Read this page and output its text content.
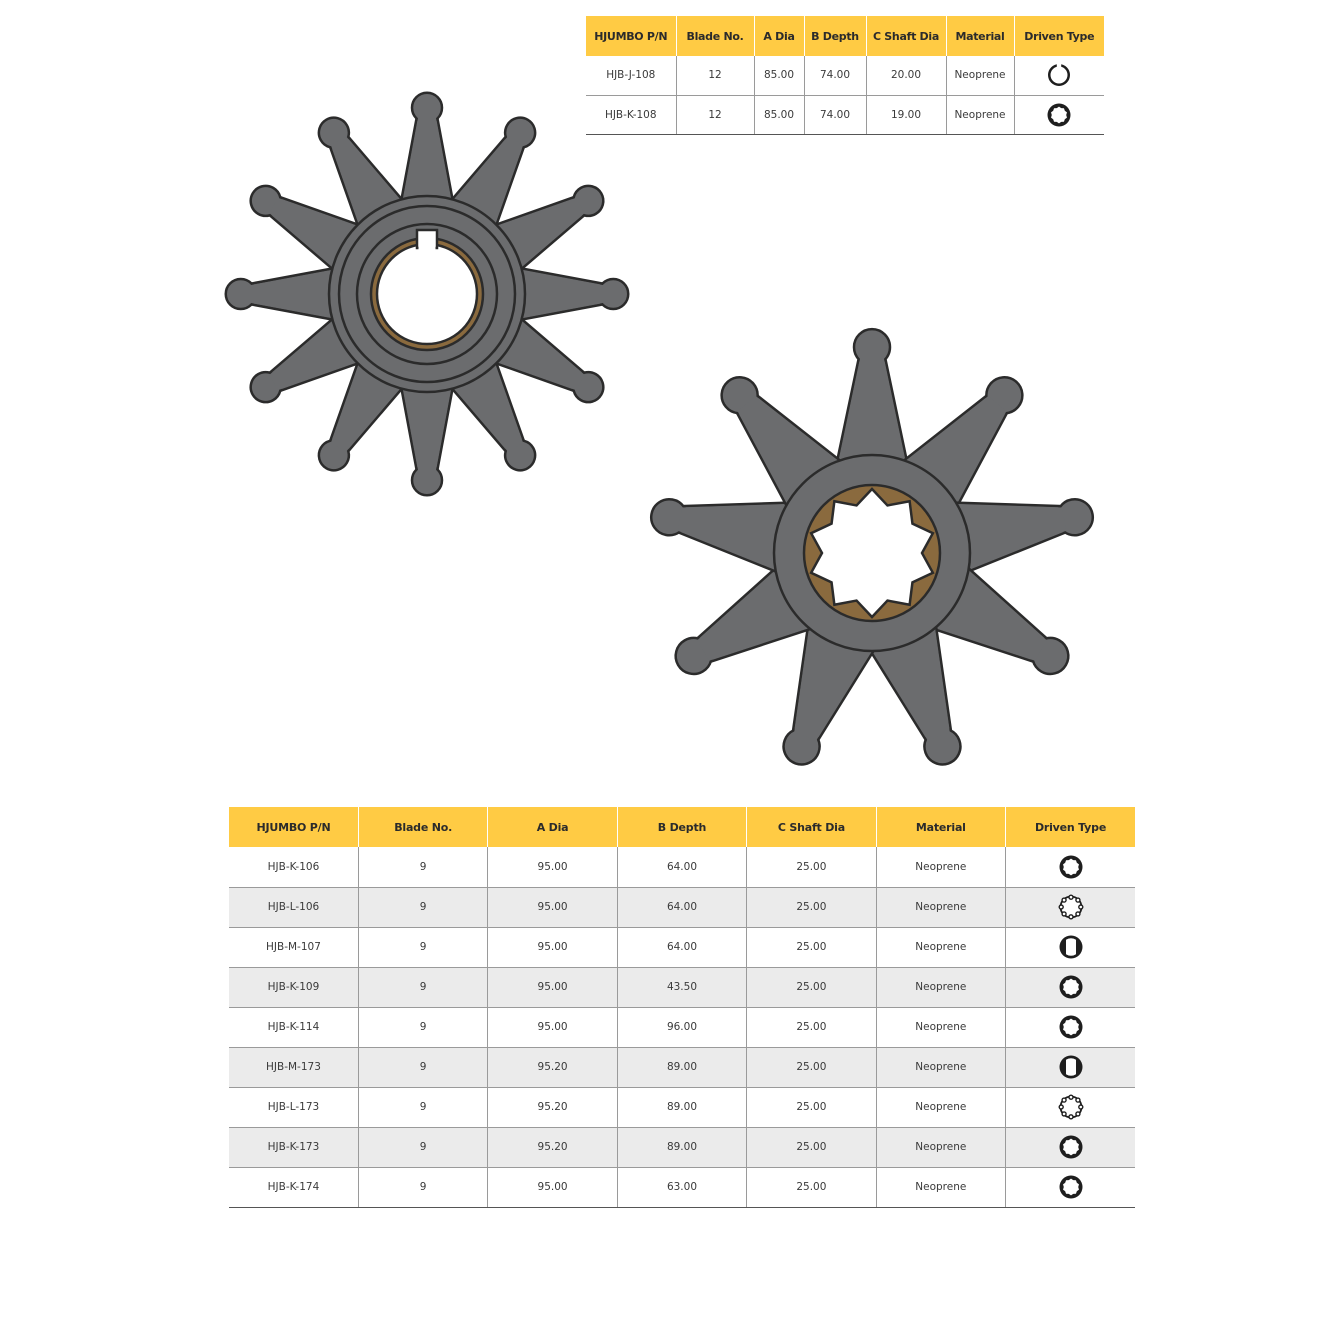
HJUMBO P/N	Blade No.	A Dia	B Depth	C Shaft Dia	Material	Driven Type
HJB-J-108	12	85.00	74.00	20.00	Neoprene	

HJB-K-108	12	85.00	74.00	19.00	Neoprene	
HJUMBO P/N	Blade No.	A Dia	B Depth	C Shaft Dia	Material	Driven Type
HJB-K-106	9	95.00	64.00	25.00	Neoprene	

HJB-L-106	9	95.00	64.00	25.00	Neoprene	

HJB-M-107	9	95.00	64.00	25.00	Neoprene	

HJB-K-109	9	95.00	43.50	25.00	Neoprene	

HJB-K-114	9	95.00	96.00	25.00	Neoprene	

HJB-M-173	9	95.20	89.00	25.00	Neoprene	

HJB-L-173	9	95.20	89.00	25.00	Neoprene	

HJB-K-173	9	95.20	89.00	25.00	Neoprene	

HJB-K-174	9	95.00	63.00	25.00	Neoprene	
